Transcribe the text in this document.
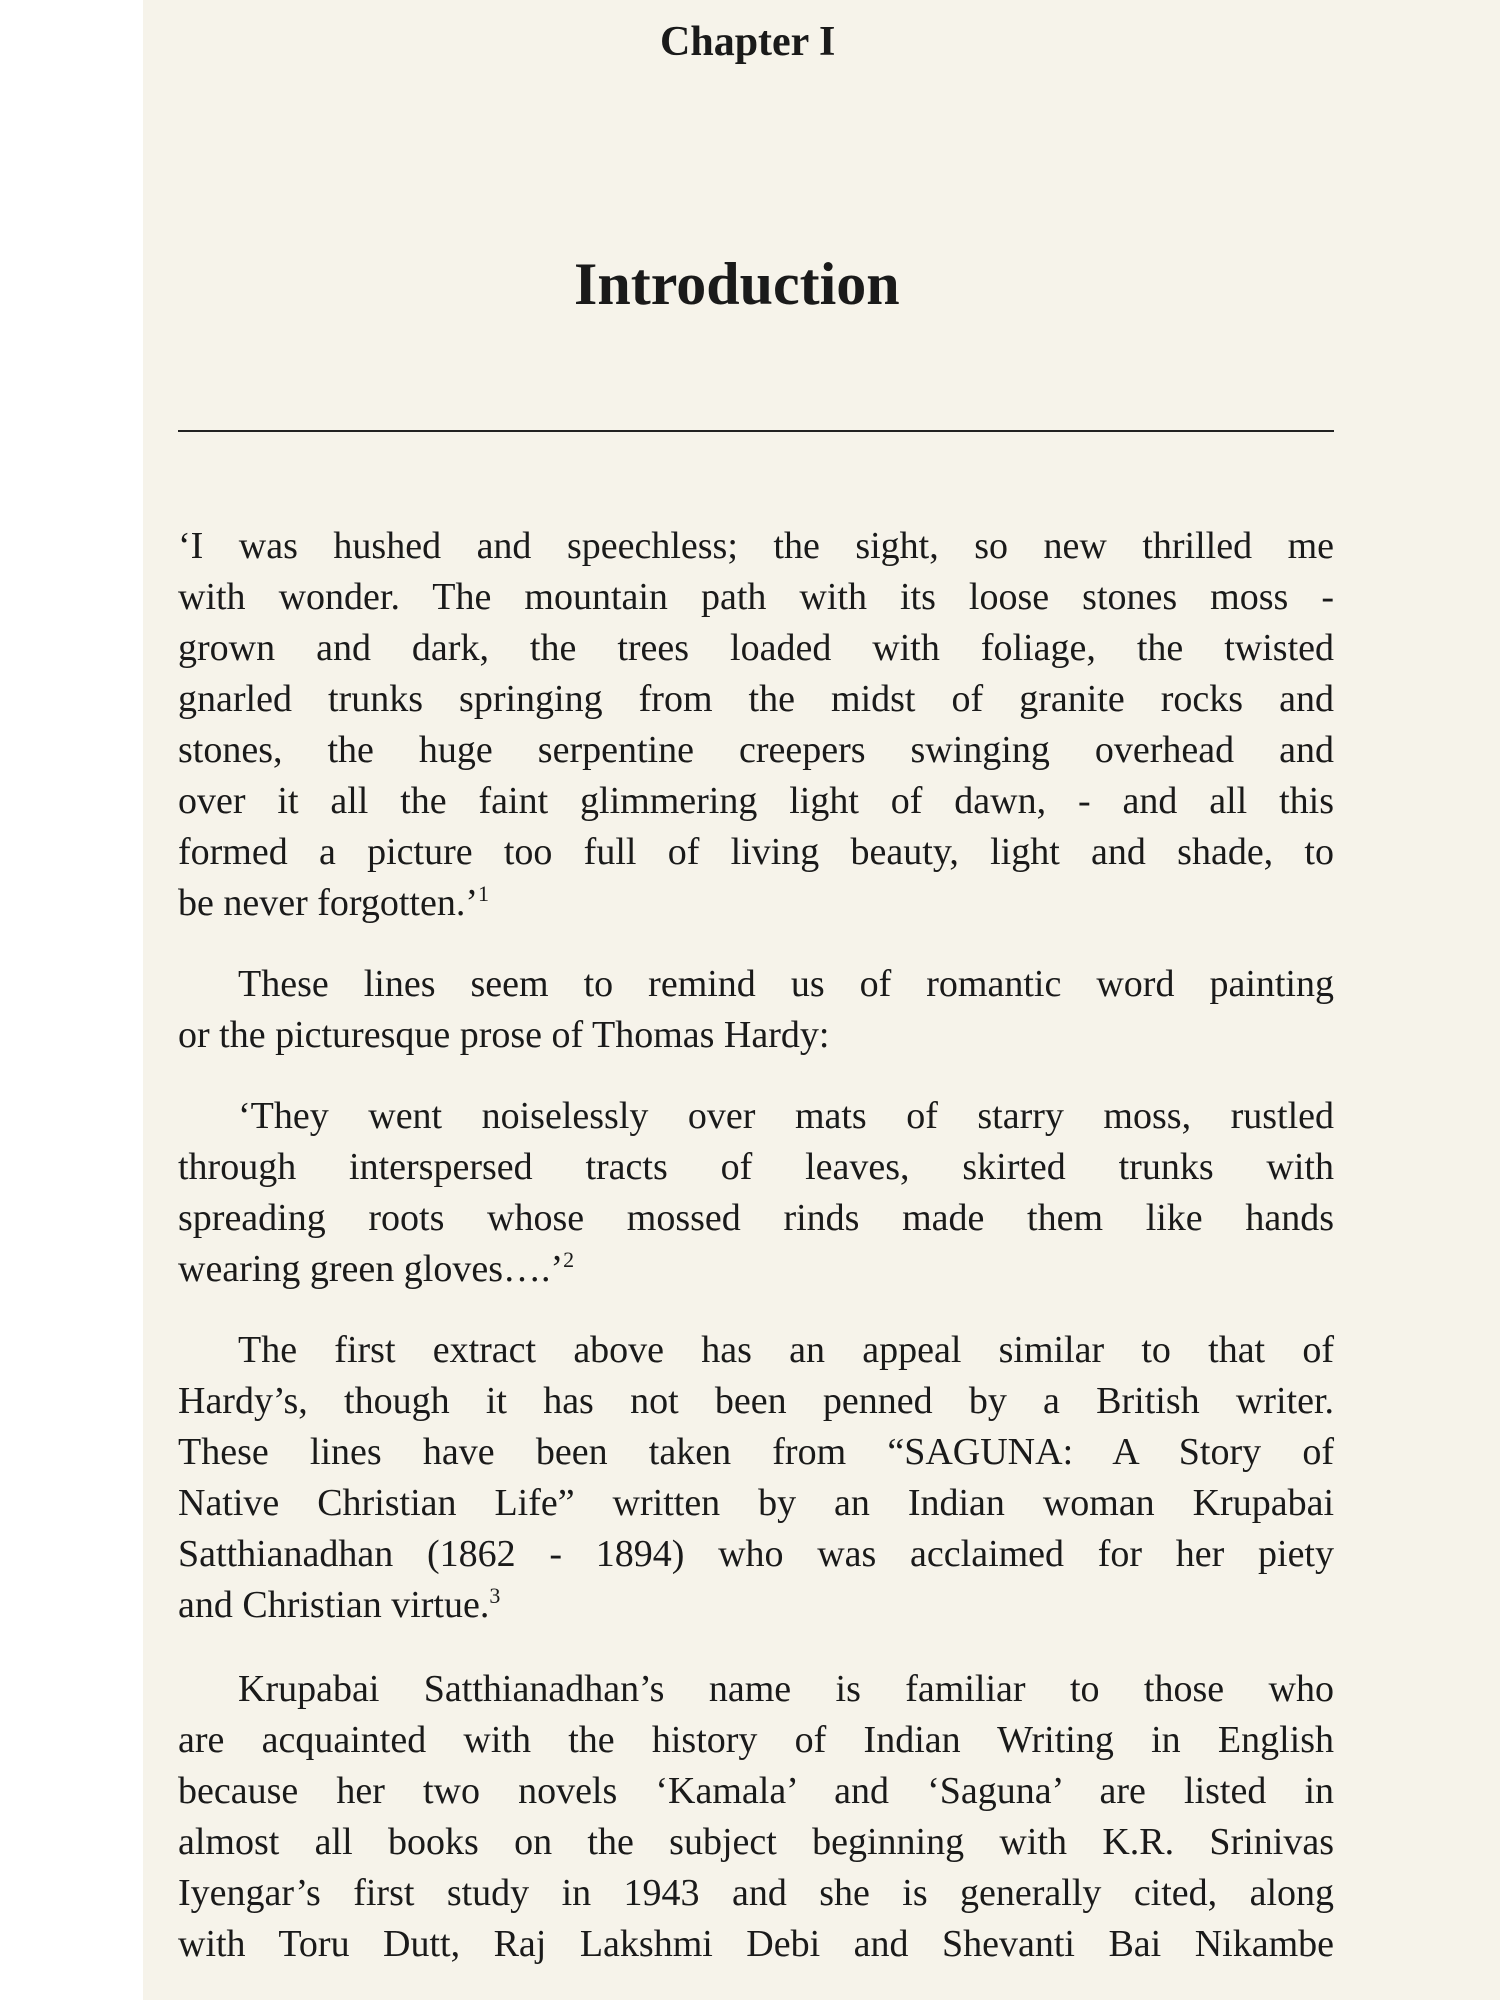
Chapter I
Introduction
‘I was hushed and speechless; the sight, so new thrilled me
with wonder. The mountain path with its loose stones moss -
grown and dark, the trees loaded with foliage, the twisted
gnarled trunks springing from the midst of granite rocks and
stones, the huge serpentine creepers swinging overhead and
over it all the faint glimmering light of dawn, - and all this
formed a picture too full of living beauty, light and shade, to
be never forgotten.’$^1$
These lines seem to remind us of romantic word painting
or the picturesque prose of Thomas Hardy:
‘They went noiselessly over mats of starry moss, rustled
through interspersed tracts of leaves, skirted trunks with
spreading roots whose mossed rinds made them like hands
wearing green gloves….’$^2$
The first extract above has an appeal similar to that of
Hardy’s, though it has not been penned by a British writer.
These lines have been taken from “SAGUNA: A Story of
Native Christian Life” written by an Indian woman Krupabai
Satthianadhan (1862 - 1894) who was acclaimed for her piety
and Christian virtue.$^3$
Krupabai Satthianadhan’s name is familiar to those who
are acquainted with the history of Indian Writing in English
because her two novels ‘Kamala’ and ‘Saguna’ are listed in
almost all books on the subject beginning with K.R. Srinivas
Iyengar’s first study in 1943 and she is generally cited, along
with Toru Dutt, Raj Lakshmi Debi and Shevanti Bai Nikambe
